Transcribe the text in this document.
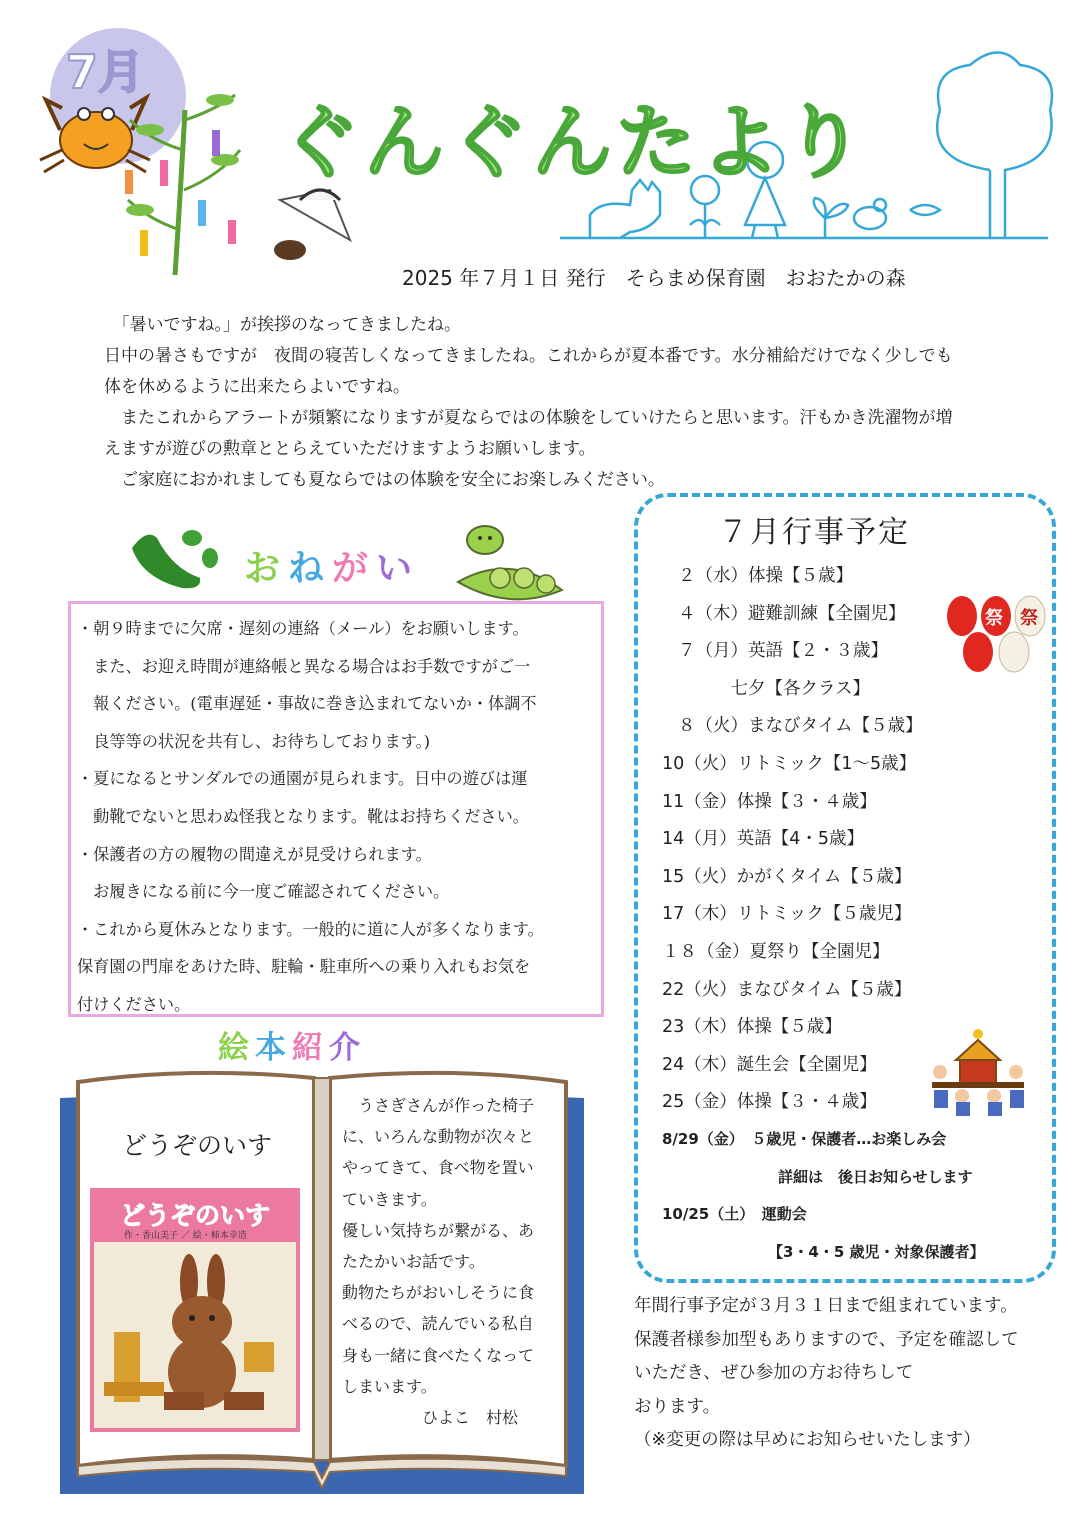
7月
ぐんぐんたより
2025 年７月１日 発行　そらまめ保育園　おおたかの森

　「暑いですね。」が挨拶のなってきましたね。

日中の暑さもですが　夜間の寝苦しくなってきましたね。これからが夏本番です。水分補給だけでなく少しでも

体を休めるように出来たらよいですね。

　またこれからアラートが頻繁になりますが夏ならではの体験をしていけたらと思います。汗もかき洗濯物が増

えますが遊びの勲章ととらえていただけますようお願いします。

　ご家庭におかれましても夏ならではの体験を安全にお楽しみください。

おねがい

・朝９時までに欠席・遅刻の連絡（メール）をお願いします。

　また、お迎え時間が連絡帳と異なる場合はお手数ですがご一

　報ください。(電車遅延・事故に巻き込まれてないか・体調不

　良等等の状況を共有し、お待ちしております。)

・夏になるとサンダルでの通園が見られます。日中の遊びは運

　動靴でないと思わぬ怪我となります。靴はお持ちください。

・保護者の方の履物の間違えが見受けられます。

　お履きになる前に今一度ご確認されてください。

・これから夏休みとなります。一般的に道に人が多くなります。

保育園の門扉をあけた時、駐輪・駐車所への乗り入れもお気を

付けください。

絵本紹介
どうぞのいす
どうぞのいす
作・香山美子 ／ 絵・柿本幸造

　うさぎさんが作った椅子

に、いろんな動物が次々と

やってきて、食べ物を置い

ていきます。

優しい気持ちが繋がる、あ

たたかいお話です。

動物たちがおいしそうに食

べるので、読んでいる私自

身も一緒に食べたくなって

しまいます。

　　　　　ひよこ　村松

７月行事予定
２（水）体操【５歳】
４（木）避難訓練【全園児】
７（月）英語【２・３歳】
　　　七夕【各クラス】
８（火）まなびタイム【５歳】
10（火）リトミック【1～5歳】
11（金）体操【３・４歳】
14（月）英語【4・5歳】
15（火）かがくタイム【５歳】
17（木）リトミック【５歳児】
１８（金）夏祭り【全園児】
22（火）まなびタイム【５歳】
23（木）体操【５歳】
24（木）誕生会【全園児】
25（金）体操【３・４歳】
8/29（金）　５歳児・保護者…お楽しみ会
詳細は　後日お知らせします
10/25（土）　運動会
【3・4・5 歳児・対象保護者】
祭 祭

年間行事予定が３月３１日まで組まれています。

保護者様参加型もありますので、予定を確認して

いただき、ぜひ参加の方お待ちして

おります。

（※変更の際は早めにお知らせいたします）
